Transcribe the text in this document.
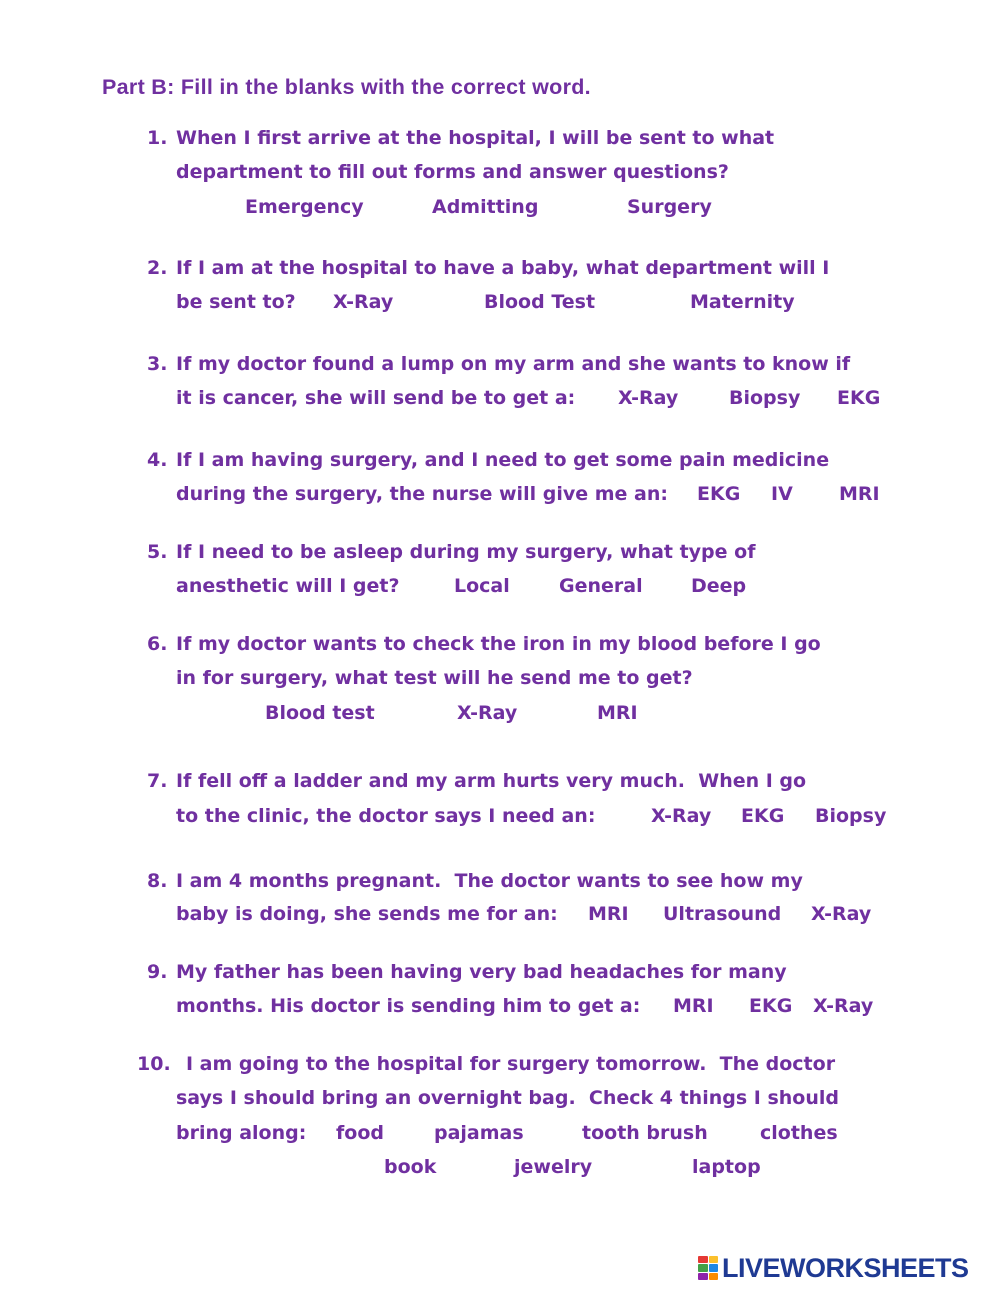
Part B: Fill in the blanks with the correct word.
1. When I first arrive at the hospital, I will be sent to what
department to fill out forms and answer questions?
Emergency	Admitting	Surgery
2. If I am at the hospital to have a baby, what department will I
be sent to? X-Ray	Blood Test	Maternity
3. If my doctor found a lump on my arm and she wants to know if
it is cancer, she will send be to get a: X-Ray	Biopsy EKG
4. If I am having surgery, and I need to get some pain medicine
during the surgery, the nurse will give me an: EKG IV MRI
5. If I need to be asleep during my surgery, what type of
anesthetic will I get?	Local	General	Deep
6. If my doctor wants to check the iron in my blood before I go
in for surgery, what test will he send me to get?
Blood test	X-Ray	MRI
7. If fell off a ladder and my arm hurts very much.  When I go
to the clinic, the doctor says I need an:	X-Ray EKG Biopsy
8. I am 4 months pregnant.  The doctor wants to see how my
baby is doing, she sends me for an: MRI Ultrasound X-Ray
9. My father has been having very bad headaches for many
months. His doctor is sending him to get a: MRI EKG X-Ray
10. I am going to the hospital for surgery tomorrow.  The doctor
says I should bring an overnight bag.  Check 4 things I should
bring along: food	pajamas	tooth brush	clothes
book	jewelry	laptop
LIVEWORKSHEETS
